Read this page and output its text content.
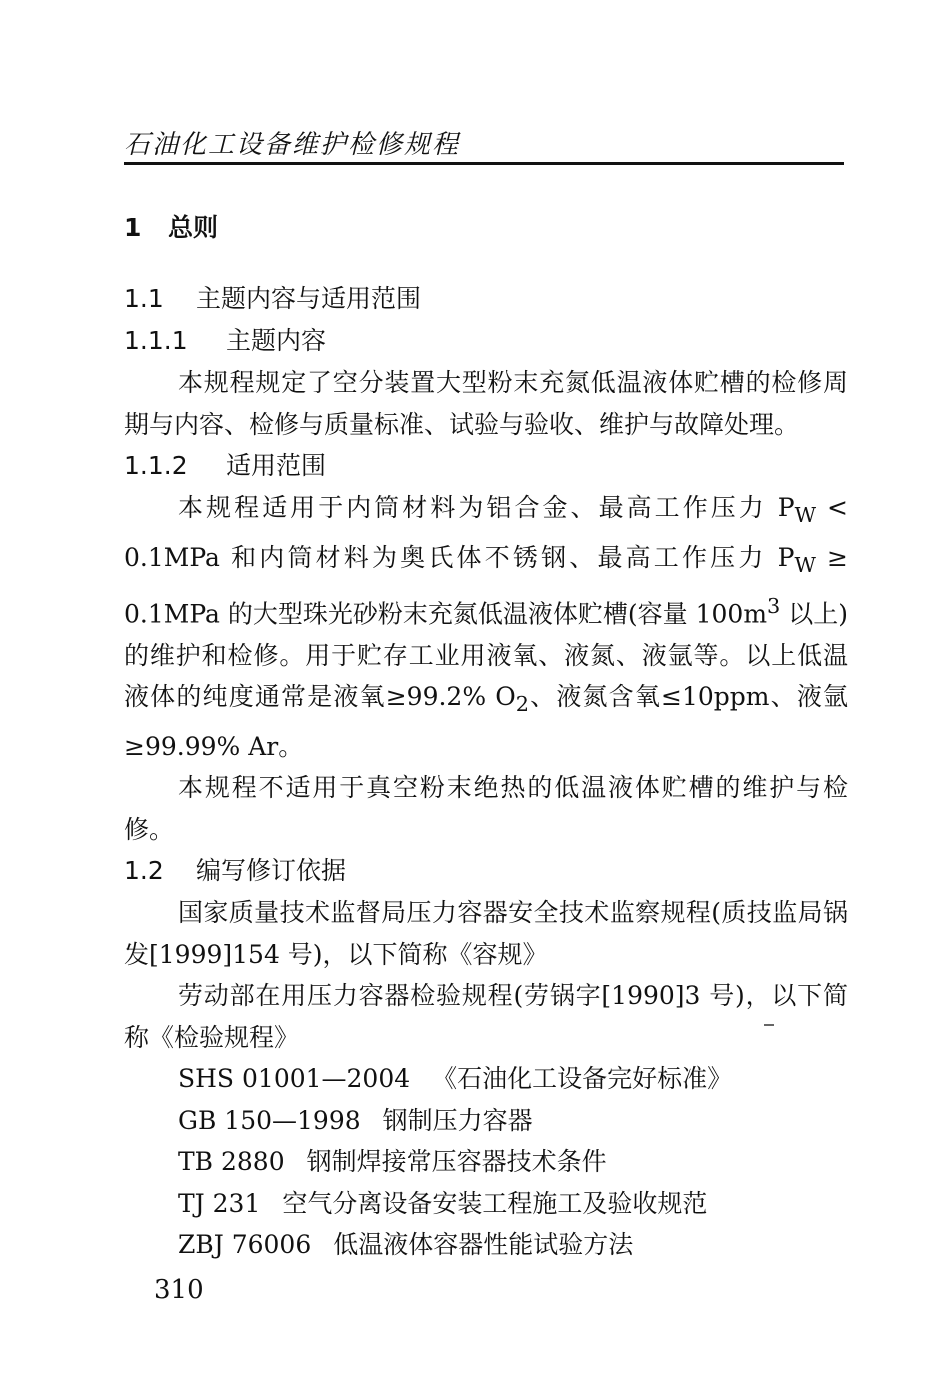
石油化工设备维护检修规程
1 总则
1.1 主题内容与适用范围
1.1.1 主题内容

本规程规定了空分装置大型粉末充氮低温液体贮槽的检修周期与内容、检修与质量标准、试验与验收、维护与故障处理。

1.1.2 适用范围

本规程适用于内筒材料为铝合金、最高工作压力 $P_W < 0.1MPa$ 和内筒材料为奥氏体不锈钢、最高工作压力 $P_W \ge 0.1MPa$ 的大型珠光砂粉末充氮低温液体贮槽(容量 $100m^3$ 以上)的维护和检修。用于贮存工业用液氧、液氮、液氩等。以上低温液体的纯度通常是液氧≥99.2% $O_2$、液氮含氧≤10ppm、液氩≥99.99% Ar。

本规程不适用于真空粉末绝热的低温液体贮槽的维护与检修。

1.2 编写修订依据

国家质量技术监督局压力容器安全技术监察规程(质技监局锅发[1999]154 号)，以下简称《容规》

劳动部在用压力容器检验规程(劳锅字[1990]3 号)，以下简称《检验规程》

SHS 01001—2004 《石油化工设备完好标准》
GB 150—1998 钢制压力容器
TB 2880 钢制焊接常压容器技术条件
TJ 231 空气分离设备安装工程施工及验收规范
ZBJ 76006 低温液体容器性能试验方法
310
